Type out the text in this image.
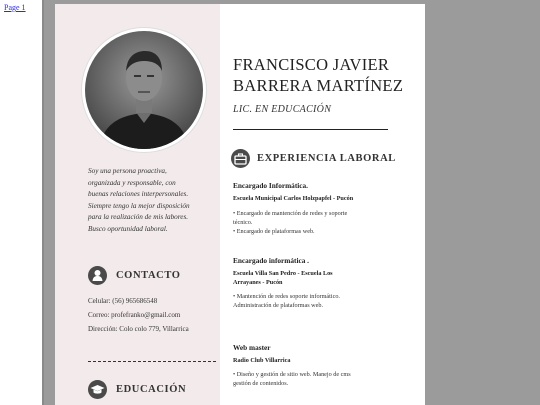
Page 1
Soy una persona proactiva,
organizada y responsable, con
buenas relaciones interpersonales.
Siempre tengo la mejor disposición
para la realización de mis labores.
Busco oportunidad laboral.
CONTACTO
Celular: (56) 965686548
Correo: profefranko@gmail.com
Dirección: Colo colo 779, Villarrica
EDUCACIÓN
FRANCISCO JAVIER
BARRERA MARTÍNEZ
LIC. EN EDUCACIÓN
EXPERIENCIA LABORAL
Encargado Informática.
Escuela Municipal Carlos Holzpapfel - Pucón
• Encargado de mantención de redes y soporte
técnico.
• Encargado de plataformas web.
Encargado informática .
Escuela Villa San Pedro - Escuela Los
Arrayanes - Pucón
• Mantención de redes soporte informático.
Administración de plataformas web.
Web master
Radio Club Villarrica
• Diseño y gestión de sitio web. Manejo de cms
gestión de contenidos.
